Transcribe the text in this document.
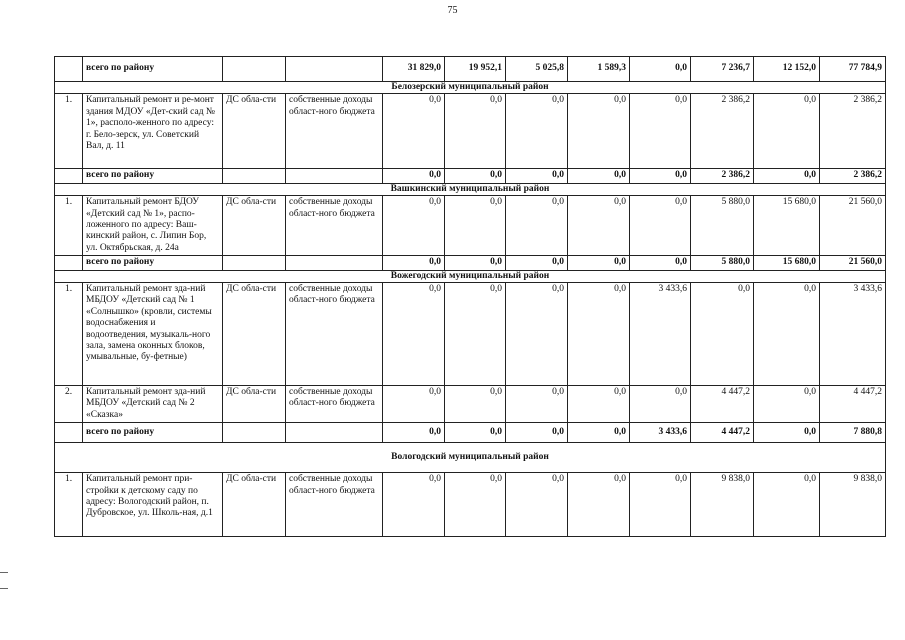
75
	всего по району			31 829,0	19 952,1	5 025,8	1 589,3	0,0	7 236,7	12 152,0	77 784,9
Белозерский муниципальный район											
1.	Капитальный ремонт и ре-монт здания МДОУ «Дет-ский сад № 1», располо-женного по адресу: г. Бело-зерск, ул. Советский Вал, д. 11	ДС обла-сти	собственные доходы област-ного бюджета	0,0	0,0	0,0	0,0	0,0	2 386,2	0,0	2 386,2
	всего по району			0,0	0,0	0,0	0,0	0,0	2 386,2	0,0	2 386,2
Вашкинский муниципальный район											
1.	Капитальный ремонт БДОУ «Детский сад № 1», распо-ложенного по адресу: Ваш-кинский район, с. Липин Бор, ул. Октябрьская, д. 24а	ДС обла-сти	собственные доходы област-ного бюджета	0,0	0,0	0,0	0,0	0,0	5 880,0	15 680,0	21 560,0
	всего по району			0,0	0,0	0,0	0,0	0,0	5 880,0	15 680,0	21 560,0
Вожегодский муниципальный район											
1.	Капитальный ремонт зда-ний МБДОУ «Детский сад № 1 «Солнышко» (кровли, системы водоснабжения и водоотведения, музыкаль-ного зала, замена оконных блоков, умывальные, бу-фетные)	ДС обла-сти	собственные доходы област-ного бюджета	0,0	0,0	0,0	0,0	3 433,6	0,0	0,0	3 433,6
2.	Капитальный ремонт зда-ний МБДОУ «Детский сад № 2 «Сказка»	ДС обла-сти	собственные доходы област-ного бюджета	0,0	0,0	0,0	0,0	0,0	4 447,2	0,0	4 447,2
	всего по району			0,0	0,0	0,0	0,0	3 433,6	4 447,2	0,0	7 880,8
Вологодский муниципальный район											
1.	Капитальный ремонт при-стройки к детскому саду по адресу: Вологодский район, п. Дубровское, ул. Школь-ная, д.1	ДС обла-сти	собственные доходы област-ного бюджета	0,0	0,0	0,0	0,0	0,0	9 838,0	0,0	9 838,0
